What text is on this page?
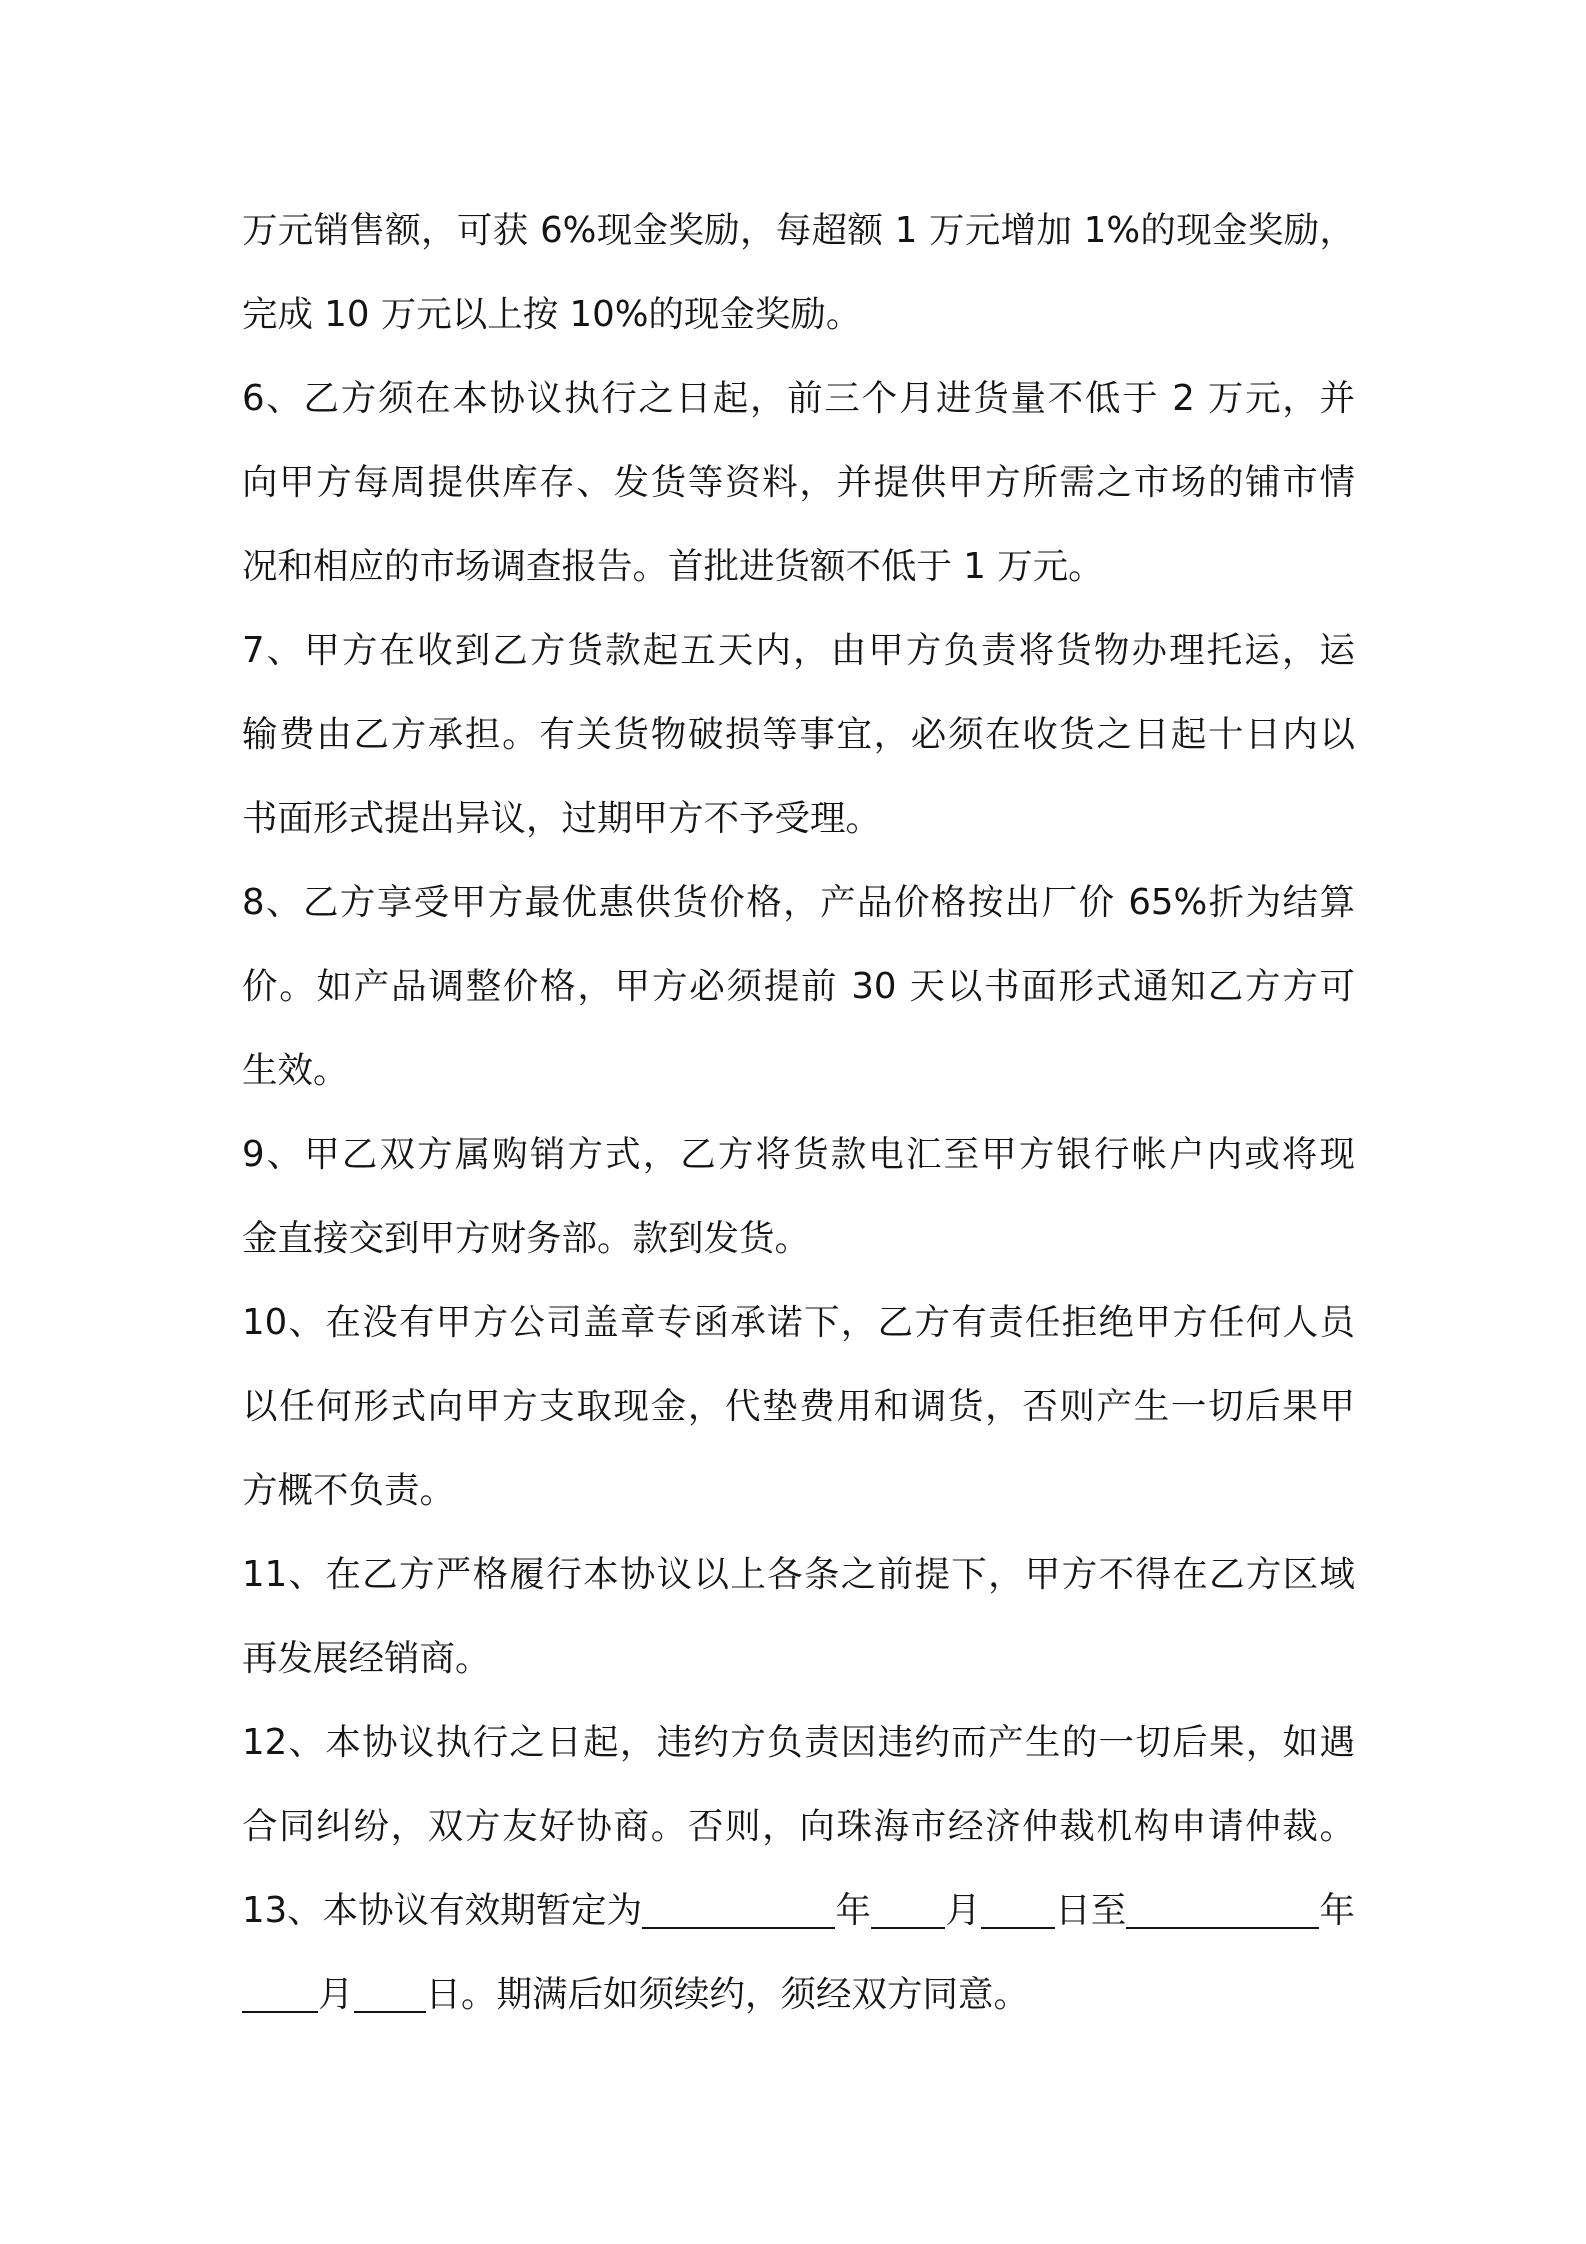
万元销售额，可获 6%现金奖励，每超额 1 万元增加 1%的现金奖励，
完成 10 万元以上按 10%的现金奖励。
6、乙方须在本协议执行之日起，前三个月进货量不低于 2 万元，并
向甲方每周提供库存、发货等资料，并提供甲方所需之市场的铺市情
况和相应的市场调查报告。首批进货额不低于 1 万元。
7、甲方在收到乙方货款起五天内，由甲方负责将货物办理托运，运
输费由乙方承担。有关货物破损等事宜，必须在收货之日起十日内以
书面形式提出异议，过期甲方不予受理。
8、乙方享受甲方最优惠供货价格，产品价格按出厂价 65%折为结算
价。如产品调整价格，甲方必须提前 30 天以书面形式通知乙方方可
生效。
9、甲乙双方属购销方式，乙方将货款电汇至甲方银行帐户内或将现
金直接交到甲方财务部。款到发货。
10、在没有甲方公司盖章专函承诺下，乙方有责任拒绝甲方任何人员
以任何形式向甲方支取现金，代垫费用和调货，否则产生一切后果甲
方概不负责。
11、在乙方严格履行本协议以上各条之前提下，甲方不得在乙方区域
再发展经销商。
12、本协议执行之日起，违约方负责因违约而产生的一切后果，如遇
合同纠纷，双方友好协商。否则，向珠海市经济仲裁机构申请仲裁。
13、本协议有效期暂定为	年 月 日至	年
月 日。期满后如须续约，须经双方同意。
